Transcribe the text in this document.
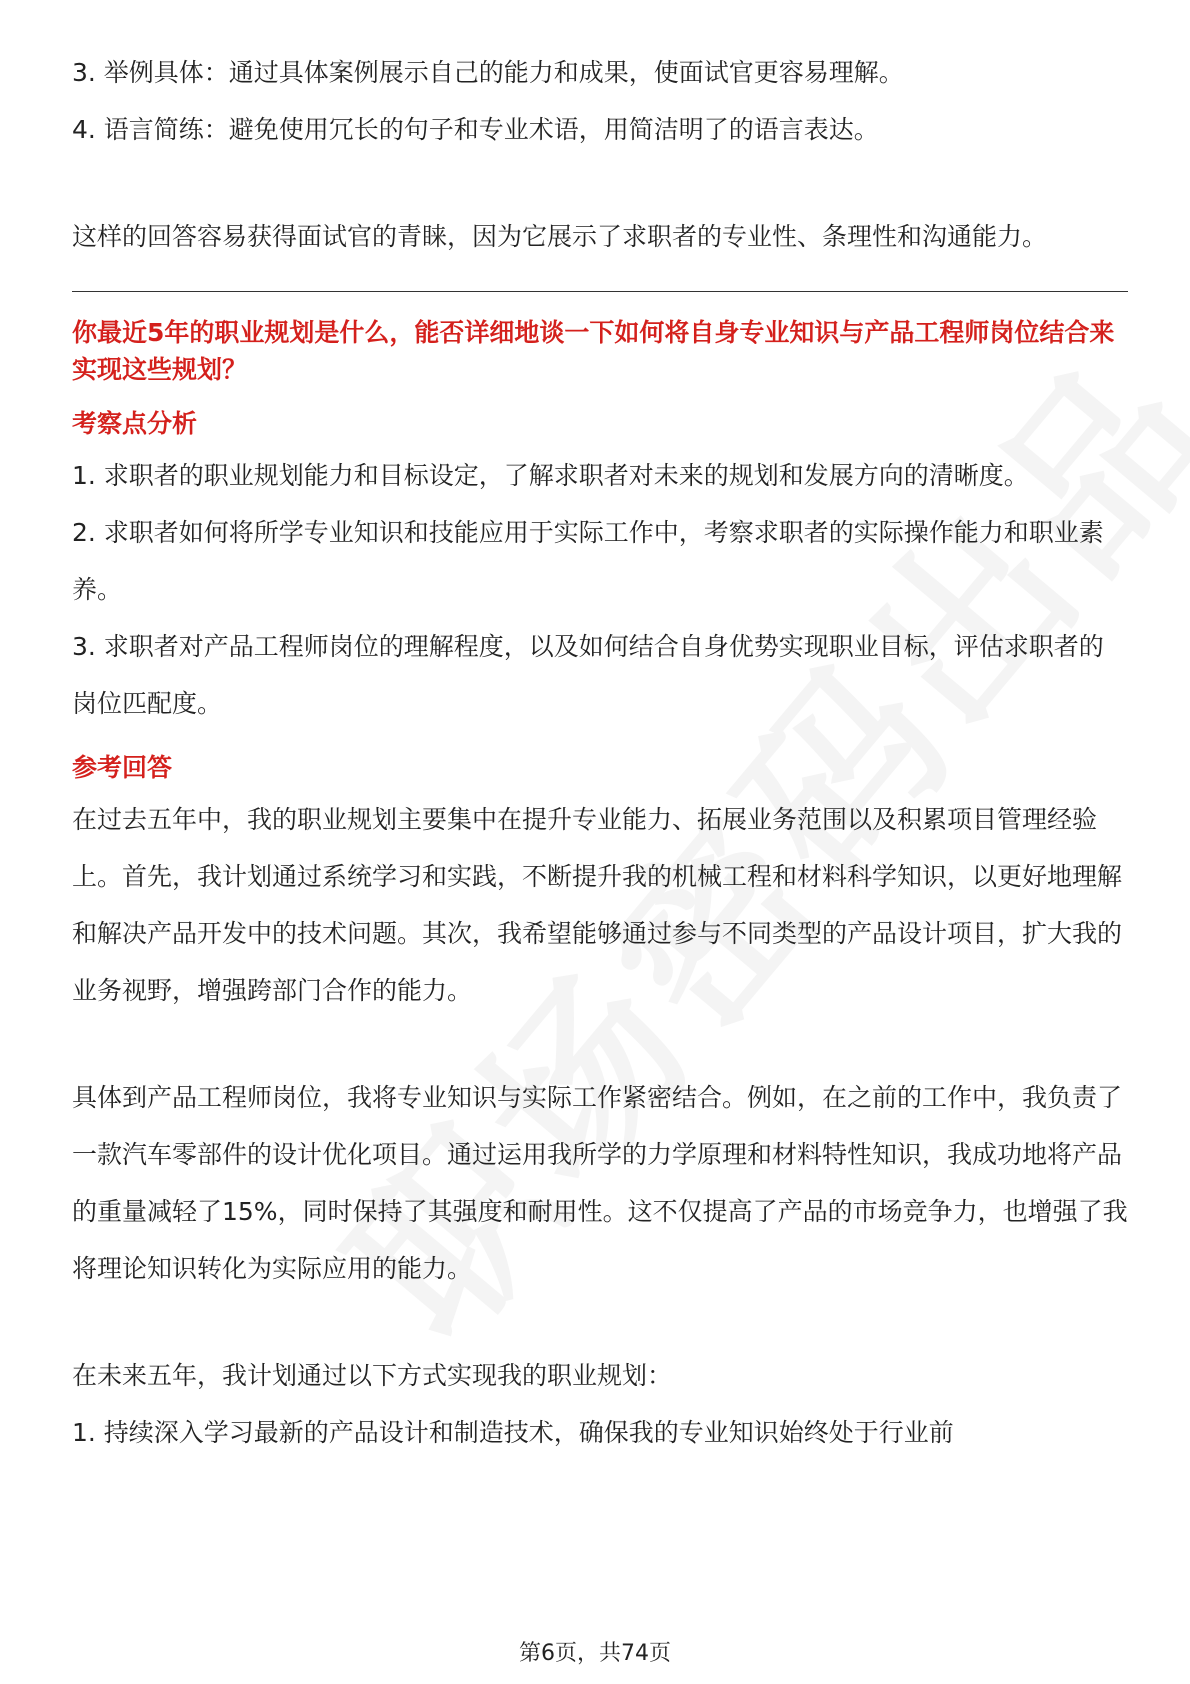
3. 举例具体：通过具体案例展示自己的能力和成果，使面试官更容易理解。

4. 语言简练：避免使用冗长的句子和专业术语，用简洁明了的语言表达。

这样的回答容易获得面试官的青睐，因为它展示了求职者的专业性、条理性和沟通能力。

你最近5年的职业规划是什么，能否详细地谈一下如何将自身专业知识与产品工程师岗位结合来实现这些规划？

考察点分析

1. 求职者的职业规划能力和目标设定，了解求职者对未来的规划和发展方向的清晰度。

2. 求职者如何将所学专业知识和技能应用于实际工作中，考察求职者的实际操作能力和职业素养。

3. 求职者对产品工程师岗位的理解程度，以及如何结合自身优势实现职业目标，评估求职者的岗位匹配度。

参考回答

在过去五年中，我的职业规划主要集中在提升专业能力、拓展业务范围以及积累项目管理经验上。首先，我计划通过系统学习和实践，不断提升我的机械工程和材料科学知识，以更好地理解和解决产品开发中的技术问题。其次，我希望能够通过参与不同类型的产品设计项目，扩大我的业务视野，增强跨部门合作的能力。

具体到产品工程师岗位，我将专业知识与实际工作紧密结合。例如，在之前的工作中，我负责了一款汽车零部件的设计优化项目。通过运用我所学的力学原理和材料特性知识，我成功地将产品的重量减轻了15%，同时保持了其强度和耐用性。这不仅提高了产品的市场竞争力，也增强了我将理论知识转化为实际应用的能力。

在未来五年，我计划通过以下方式实现我的职业规划：

1. 持续深入学习最新的产品设计和制造技术，确保我的专业知识始终处于行业前

第6页，共74页
